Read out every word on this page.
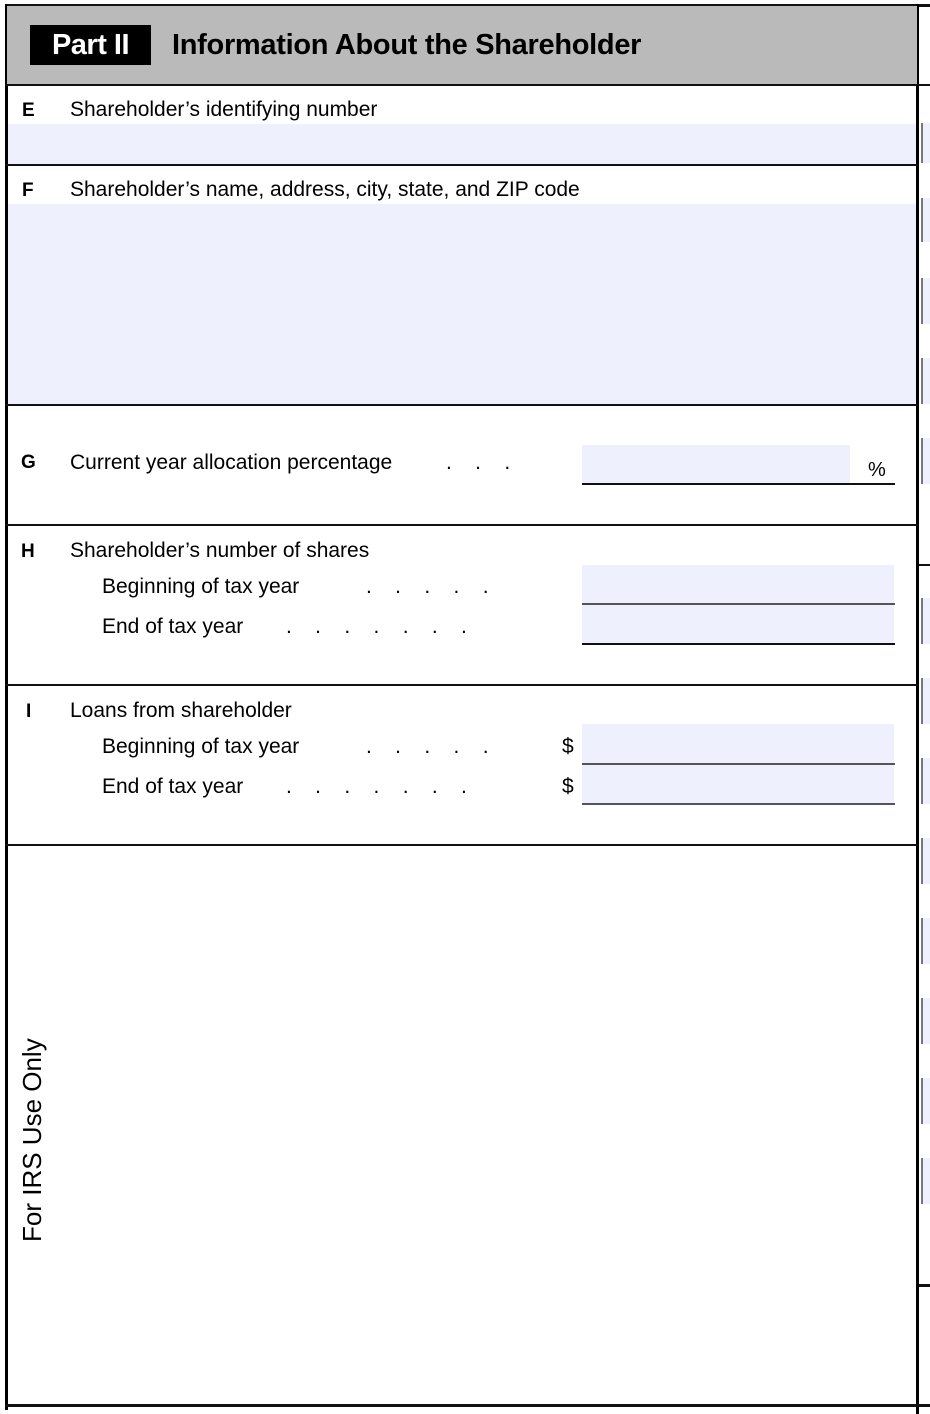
Part II	Information About the Shareholder
E Shareholder’s identifying number
F Shareholder’s name, address, city, state, and ZIP code
G Current year allocation percentage	.    .    .	%
H Shareholder’s number of shares
Beginning of tax year	.    .    .    .    .
End of tax year .    .    .    .    .    .    .
I Loans from shareholder
Beginning of tax year	.    .    .    .    .	$
End of tax year .    .    .    .    .    .    .	$
For IRS Use Only
